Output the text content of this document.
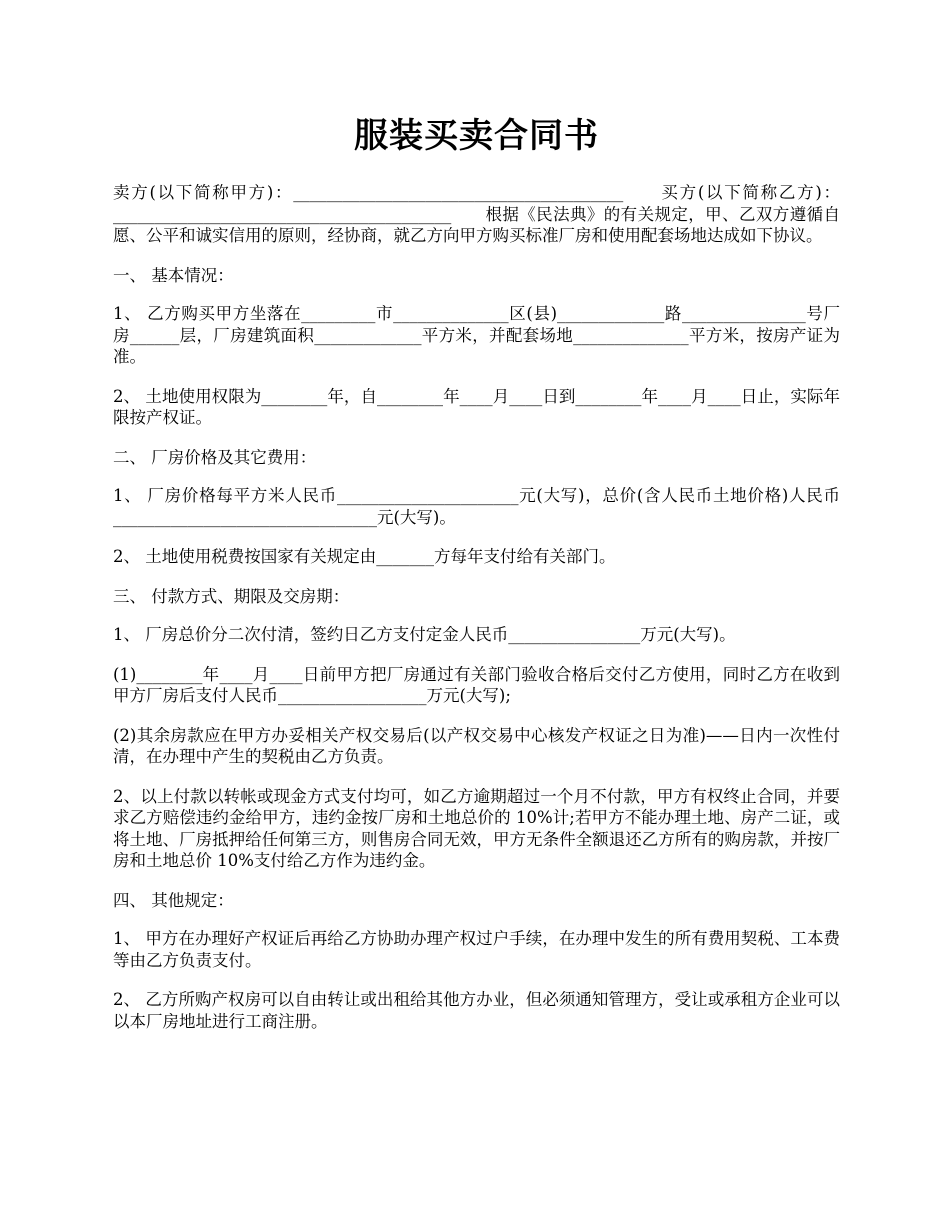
服装买卖合同书

卖方(以下简称甲方)：________________________________________　　买方(以下简称乙方)：_________________________________________　　根据《民法典》的有关规定，甲、乙双方遵循自愿、公平和诚实信用的原则，经协商，就乙方向甲方购买标准厂房和使用配套场地达成如下协议。

一、 基本情况：

1、 乙方购买甲方坐落在_________市______________区(县)_____________路_______________号厂房______层，厂房建筑面积_____________平方米，并配套场地______________平方米，按房产证为准。

2、 土地使用权限为________年，自________年____月____日到________年____月____日止，实际年限按产权证。

二、 厂房价格及其它费用：

1、 厂房价格每平方米人民币______________________元(大写)，总价(含人民币土地价格)人民币________________________________元(大写)。

2、 土地使用税费按国家有关规定由_______方每年支付给有关部门。

三、 付款方式、期限及交房期：

1、 厂房总价分二次付清，签约日乙方支付定金人民币________________万元(大写)。

(1)________年____月____日前甲方把厂房通过有关部门验收合格后交付乙方使用，同时乙方在收到甲方厂房后支付人民币__________________万元(大写);

(2)其余房款应在甲方办妥相关产权交易后(以产权交易中心核发产权证之日为准)——日内一次性付清，在办理中产生的契税由乙方负责。

2、以上付款以转帐或现金方式支付均可，如乙方逾期超过一个月不付款，甲方有权终止合同，并要求乙方赔偿违约金给甲方，违约金按厂房和土地总价的 10%计;若甲方不能办理土地、房产二证，或将土地、厂房抵押给任何第三方，则售房合同无效，甲方无条件全额退还乙方所有的购房款，并按厂房和土地总价 10%支付给乙方作为违约金。

四、 其他规定：

1、 甲方在办理好产权证后再给乙方协助办理产权过户手续，在办理中发生的所有费用契税、工本费等由乙方负责支付。

2、 乙方所购产权房可以自由转让或出租给其他方办业，但必须通知管理方，受让或承租方企业可以以本厂房地址进行工商注册。
